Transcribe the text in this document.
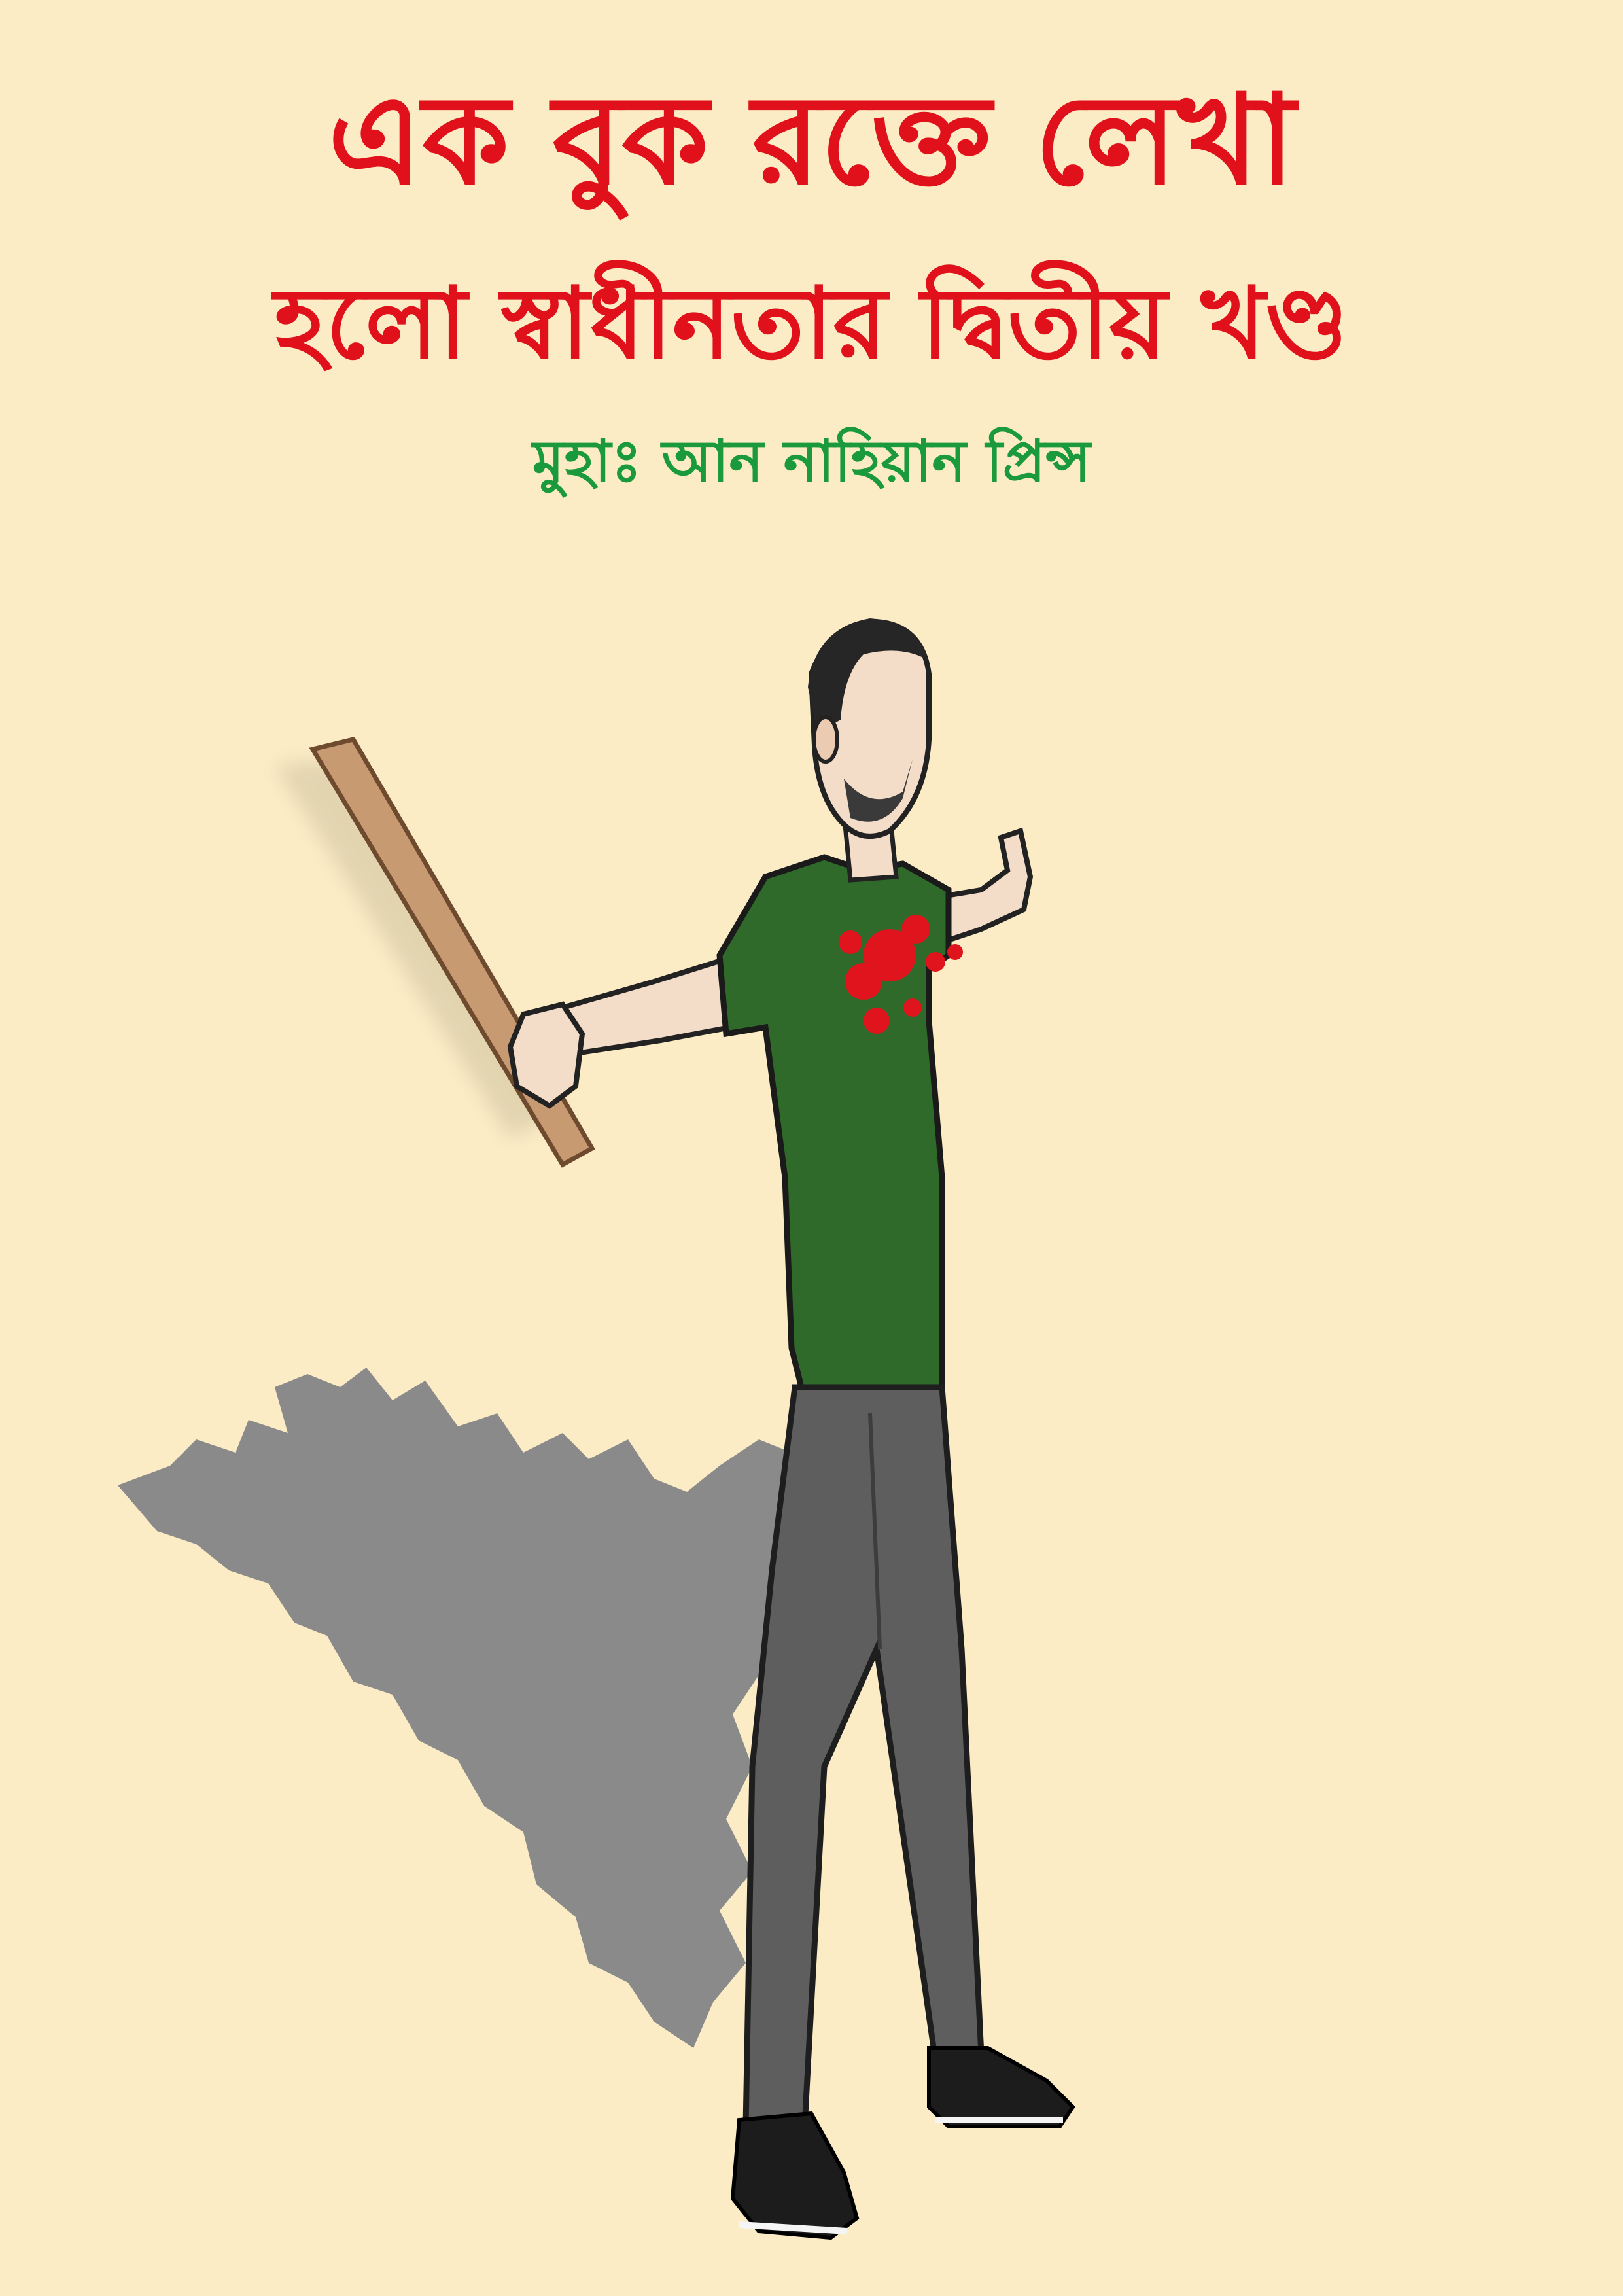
এক বুক রক্তে লেখা
হলো স্বাধীনতার দ্বিতীয় খণ্ড
মুহাঃ আন নাহিয়ান প্রিন্স
